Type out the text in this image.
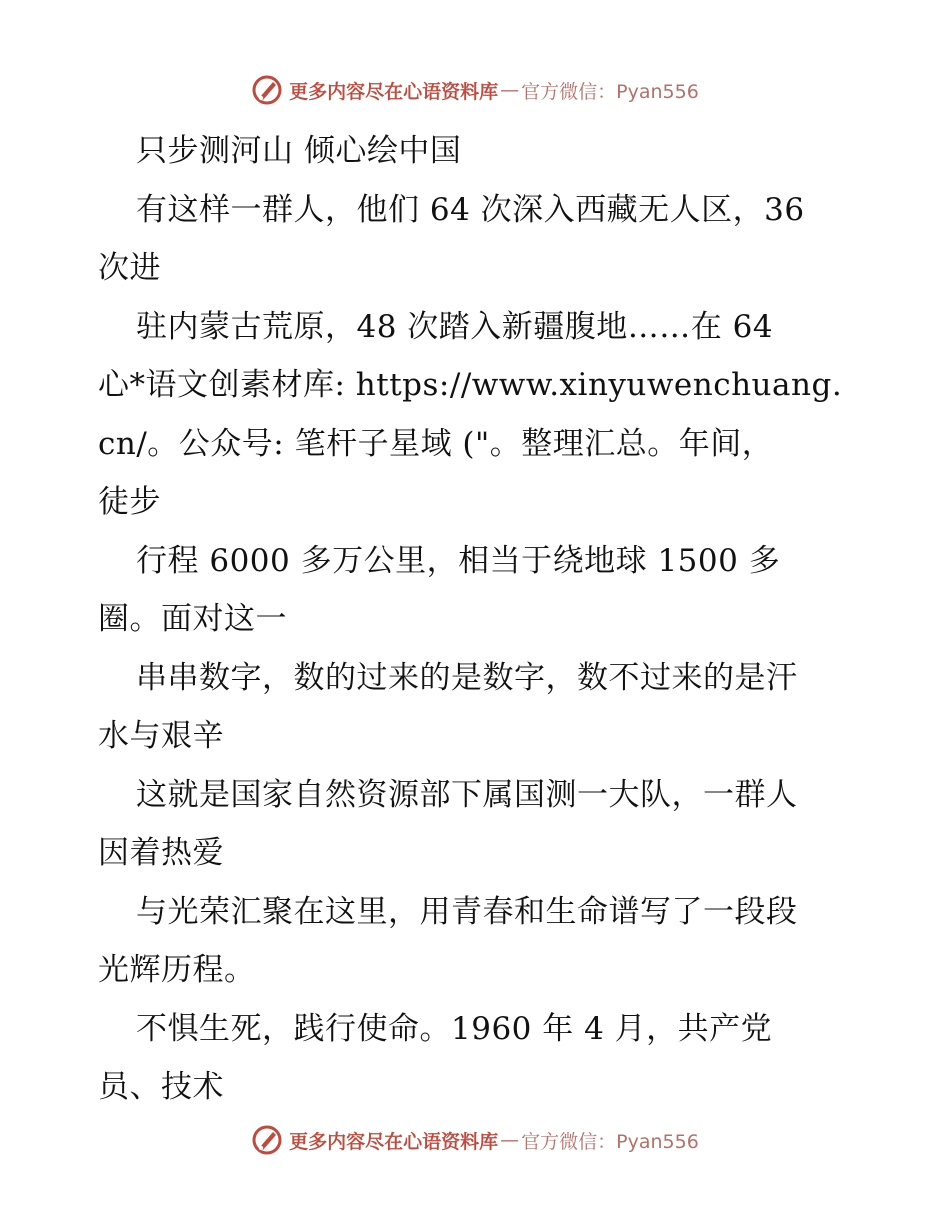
更多内容尽在心语资料库 — 官方微信：Pyan556
只步测河山 倾心绘中国
有这样一群人，他们 64 次深入西藏无人区，36
次进
驻内蒙古荒原，48 次踏入新疆腹地……在 64
心*语文创素材库: https://www.xinyuwenchuang.
cn/。公众号: 笔杆子星域 ("。整理汇总。年间，
徒步
行程 6000 多万公里，相当于绕地球 1500 多
圈。面对这一
串串数字，数的过来的是数字，数不过来的是汗
水与艰辛
这就是国家自然资源部下属国测一大队，一群人
因着热爱
与光荣汇聚在这里，用青春和生命谱写了一段段
光辉历程。
不惧生死，践行使命。1960 年 4 月，共产党
员、技术
更多内容尽在心语资料库 — 官方微信：Pyan556
